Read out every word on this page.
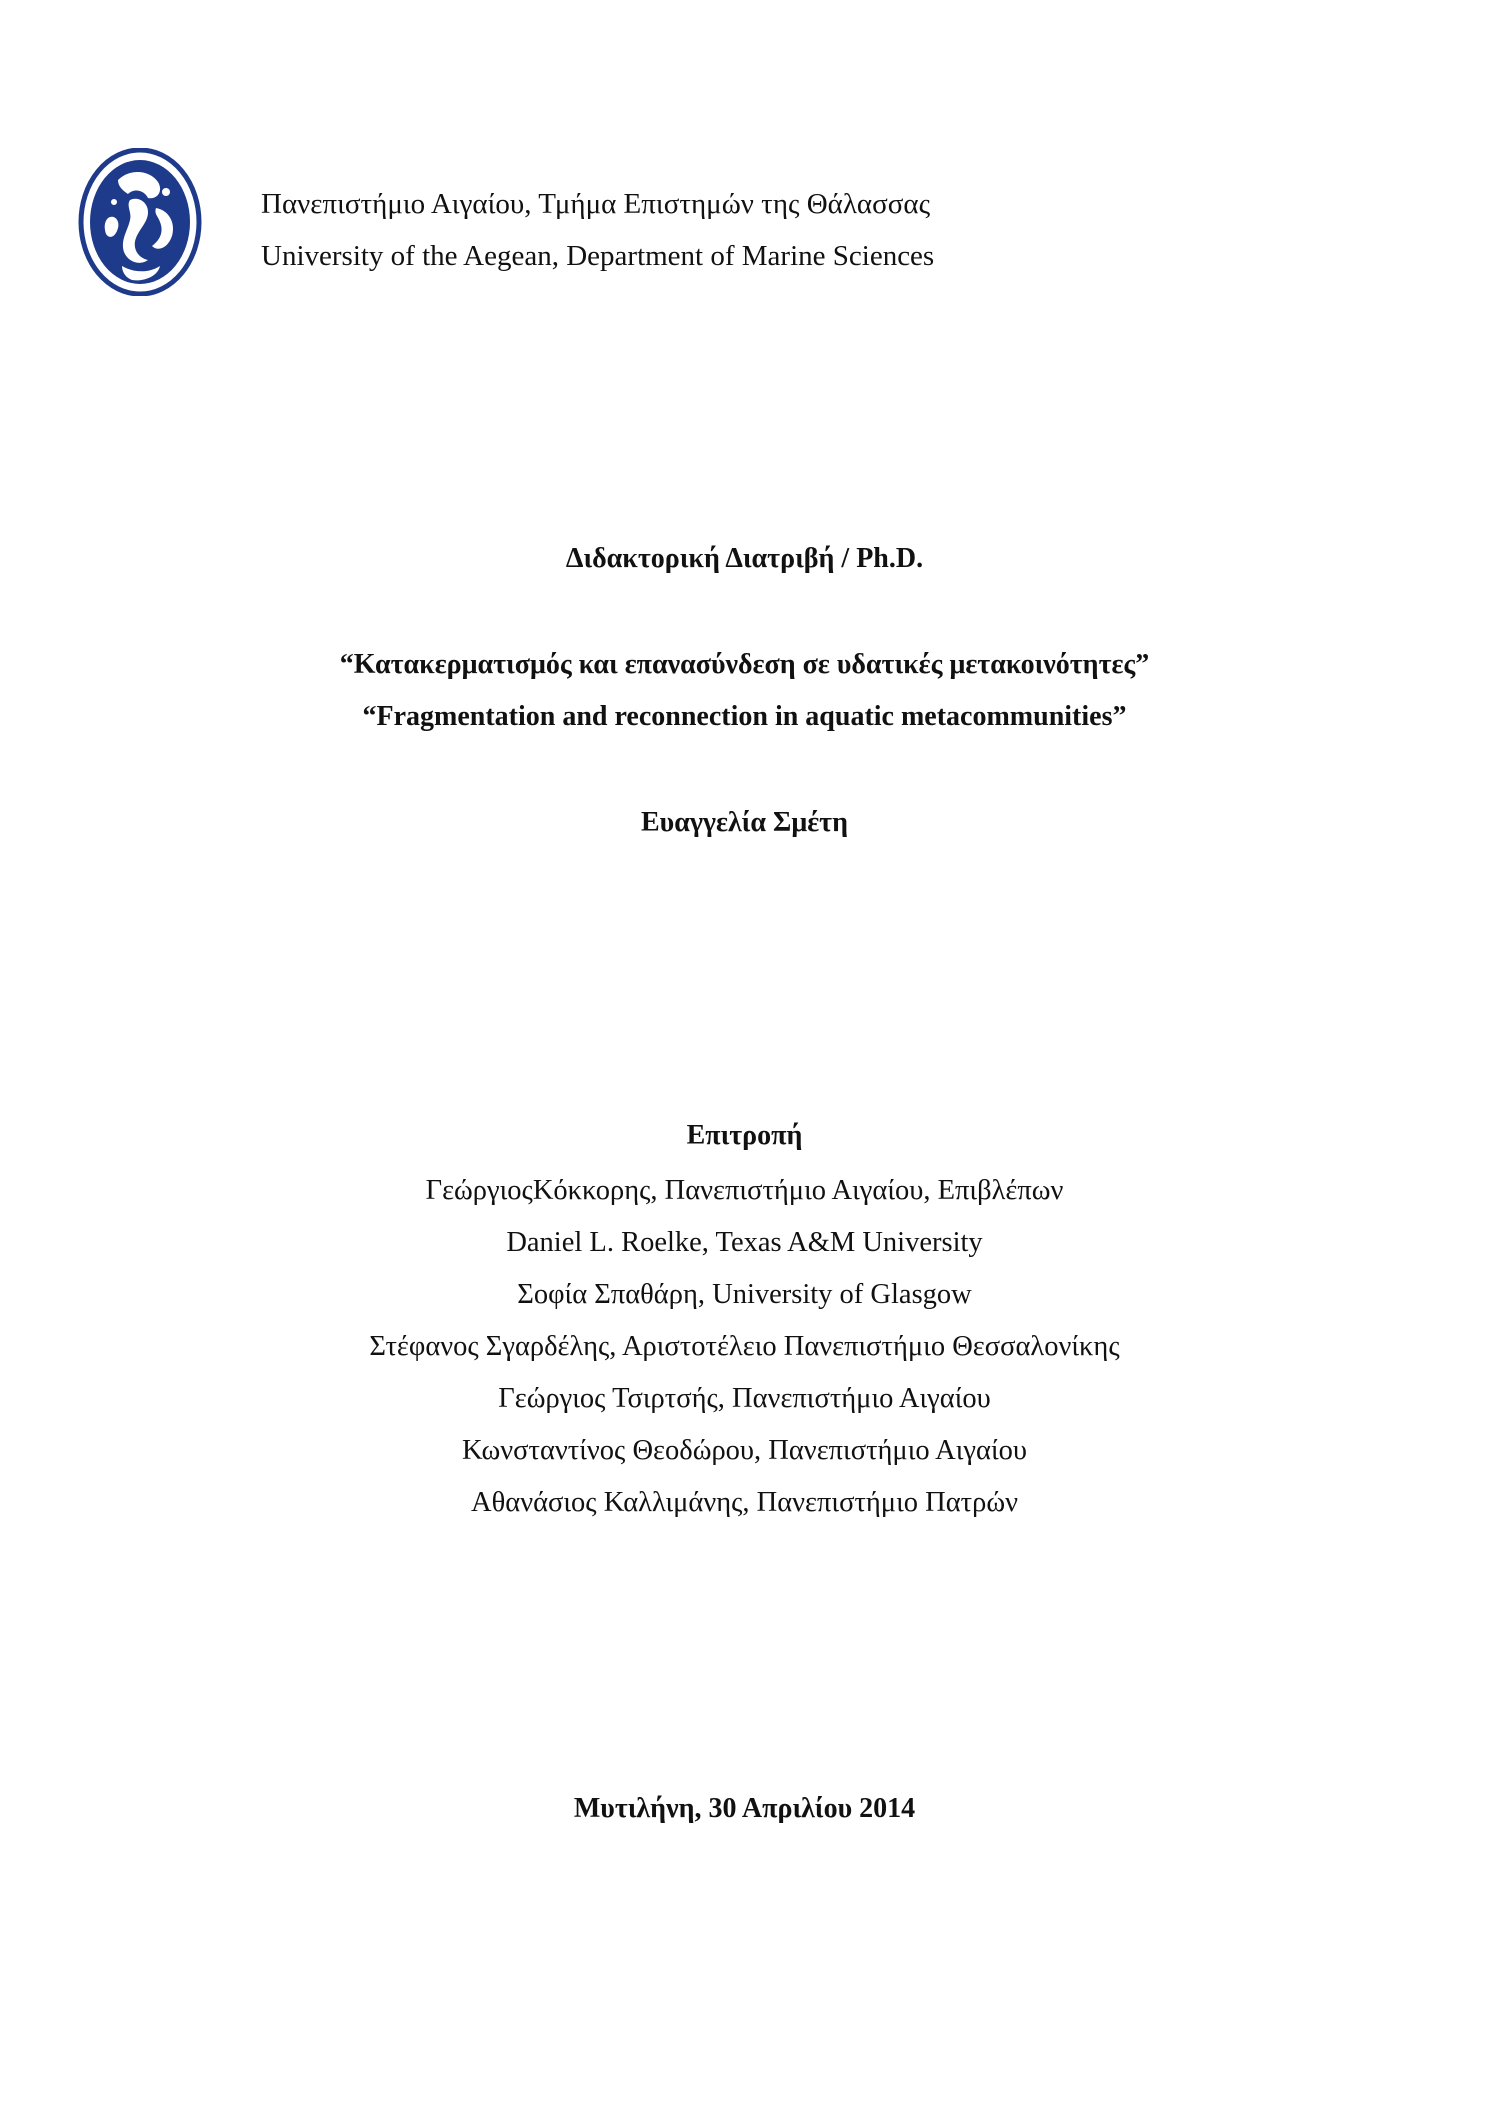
Πανεπιστήμιο Αιγαίου, Τμήμα Επιστημών της Θάλασσας
University of the Aegean, Department of Marine Sciences
Διδακτορική Διατριβή / Ph.D.
“Κατακερματισμός και επανασύνδεση σε υδατικές μετακοινότητες”
“Fragmentation and reconnection in aquatic metacommunities”
Ευαγγελία Σμέτη
Επιτροπή
ΓεώργιοςΚόκκορης, Πανεπιστήμιο Αιγαίου, Επιβλέπων
Daniel L. Roelke, Texas A&M University
Σοφία Σπαθάρη, University of Glasgow
Στέφανος Σγαρδέλης, Αριστοτέλειο Πανεπιστήμιο Θεσσαλονίκης
Γεώργιος Τσιρτσής, Πανεπιστήμιο Αιγαίου
Κωνσταντίνος Θεοδώρου, Πανεπιστήμιο Αιγαίου
Αθανάσιος Καλλιμάνης, Πανεπιστήμιο Πατρών
Μυτιλήνη, 30 Απριλίου 2014
